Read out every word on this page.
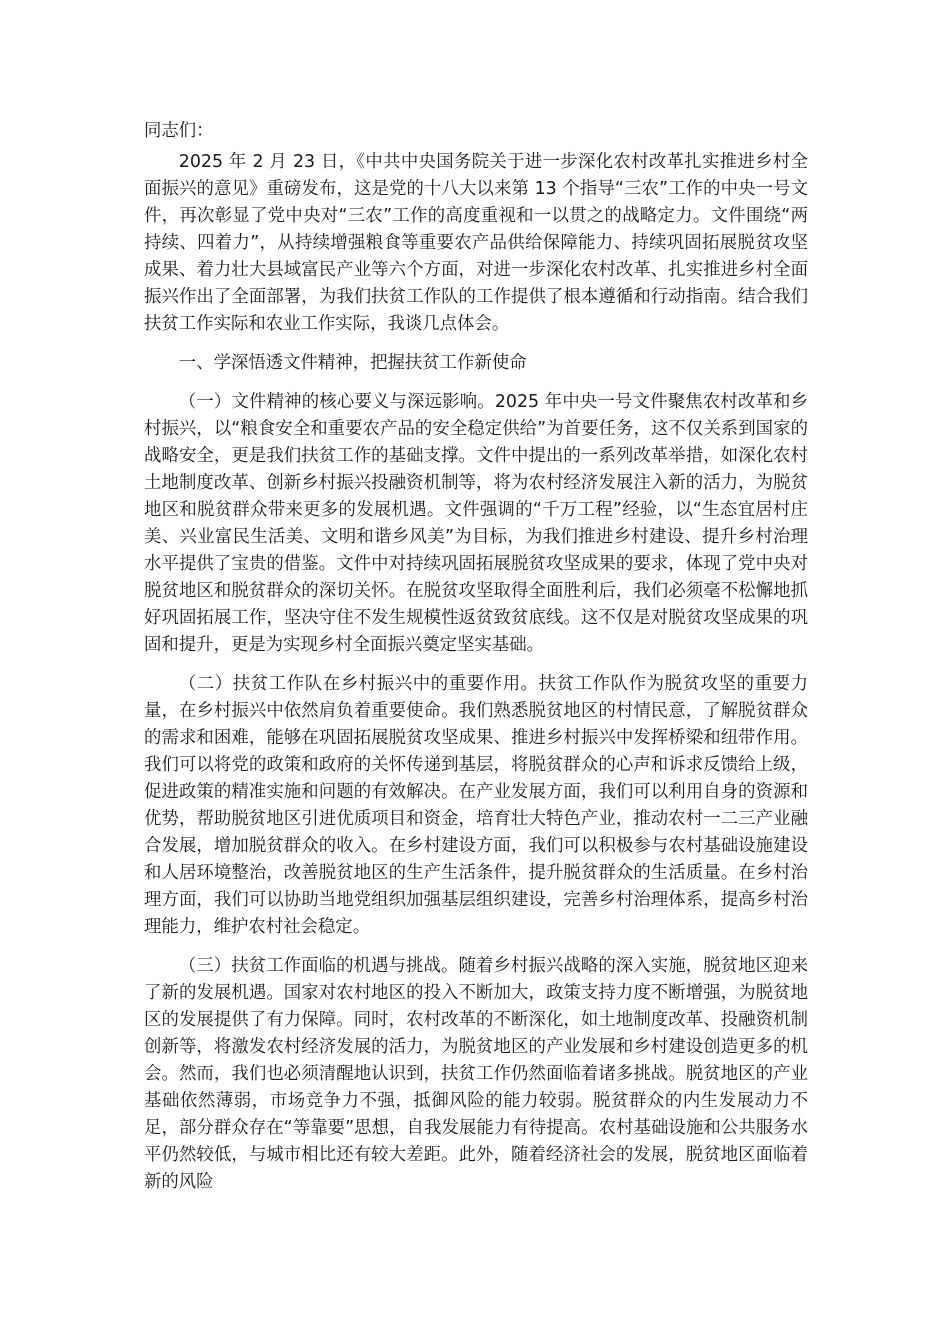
同志们：

2025 年 2 月 23 日，《中共中央国务院关于进一步深化农村改革扎实推进乡村全面振兴的意见》重磅发布，这是党的十八大以来第 13 个指导“三农”工作的中央一号文件，再次彰显了党中央对“三农”工作的高度重视和一以贯之的战略定力。文件围绕“两持续、四着力”，从持续增强粮食等重要农产品供给保障能力、持续巩固拓展脱贫攻坚成果、着力壮大县域富民产业等六个方面，对进一步深化农村改革、扎实推进乡村全面振兴作出了全面部署，为我们扶贫工作队的工作提供了根本遵循和行动指南。结合我们扶贫工作实际和农业工作实际，我谈几点体会。

一、学深悟透文件精神，把握扶贫工作新使命

（一）文件精神的核心要义与深远影响。2025 年中央一号文件聚焦农村改革和乡村振兴，以“粮食安全和重要农产品的安全稳定供给”为首要任务，这不仅关系到国家的战略安全，更是我们扶贫工作的基础支撑。文件中提出的一系列改革举措，如深化农村土地制度改革、创新乡村振兴投融资机制等，将为农村经济发展注入新的活力，为脱贫地区和脱贫群众带来更多的发展机遇。文件强调的“千万工程”经验，以“生态宜居村庄美、兴业富民生活美、文明和谐乡风美”为目标，为我们推进乡村建设、提升乡村治理水平提供了宝贵的借鉴。文件中对持续巩固拓展脱贫攻坚成果的要求，体现了党中央对脱贫地区和脱贫群众的深切关怀。在脱贫攻坚取得全面胜利后，我们必须毫不松懈地抓好巩固拓展工作，坚决守住不发生规模性返贫致贫底线。这不仅是对脱贫攻坚成果的巩固和提升，更是为实现乡村全面振兴奠定坚实基础。

（二）扶贫工作队在乡村振兴中的重要作用。扶贫工作队作为脱贫攻坚的重要力量，在乡村振兴中依然肩负着重要使命。我们熟悉脱贫地区的村情民意，了解脱贫群众的需求和困难，能够在巩固拓展脱贫攻坚成果、推进乡村振兴中发挥桥梁和纽带作用。我们可以将党的政策和政府的关怀传递到基层，将脱贫群众的心声和诉求反馈给上级，促进政策的精准实施和问题的有效解决。在产业发展方面，我们可以利用自身的资源和优势，帮助脱贫地区引进优质项目和资金，培育壮大特色产业，推动农村一二三产业融合发展，增加脱贫群众的收入。在乡村建设方面，我们可以积极参与农村基础设施建设和人居环境整治，改善脱贫地区的生产生活条件，提升脱贫群众的生活质量。在乡村治理方面，我们可以协助当地党组织加强基层组织建设，完善乡村治理体系，提高乡村治理能力，维护农村社会稳定。

（三）扶贫工作面临的机遇与挑战。随着乡村振兴战略的深入实施，脱贫地区迎来了新的发展机遇。国家对农村地区的投入不断加大，政策支持力度不断增强，为脱贫地区的发展提供了有力保障。同时，农村改革的不断深化，如土地制度改革、投融资机制创新等，将激发农村经济发展的活力，为脱贫地区的产业发展和乡村建设创造更多的机会。然而，我们也必须清醒地认识到，扶贫工作仍然面临着诸多挑战。脱贫地区的产业基础依然薄弱，市场竞争力不强，抵御风险的能力较弱。脱贫群众的内生发展动力不足，部分群众存在“等靠要”思想，自我发展能力有待提高。农村基础设施和公共服务水平仍然较低，与城市相比还有较大差距。此外，随着经济社会的发展，脱贫地区面临着新的风险
